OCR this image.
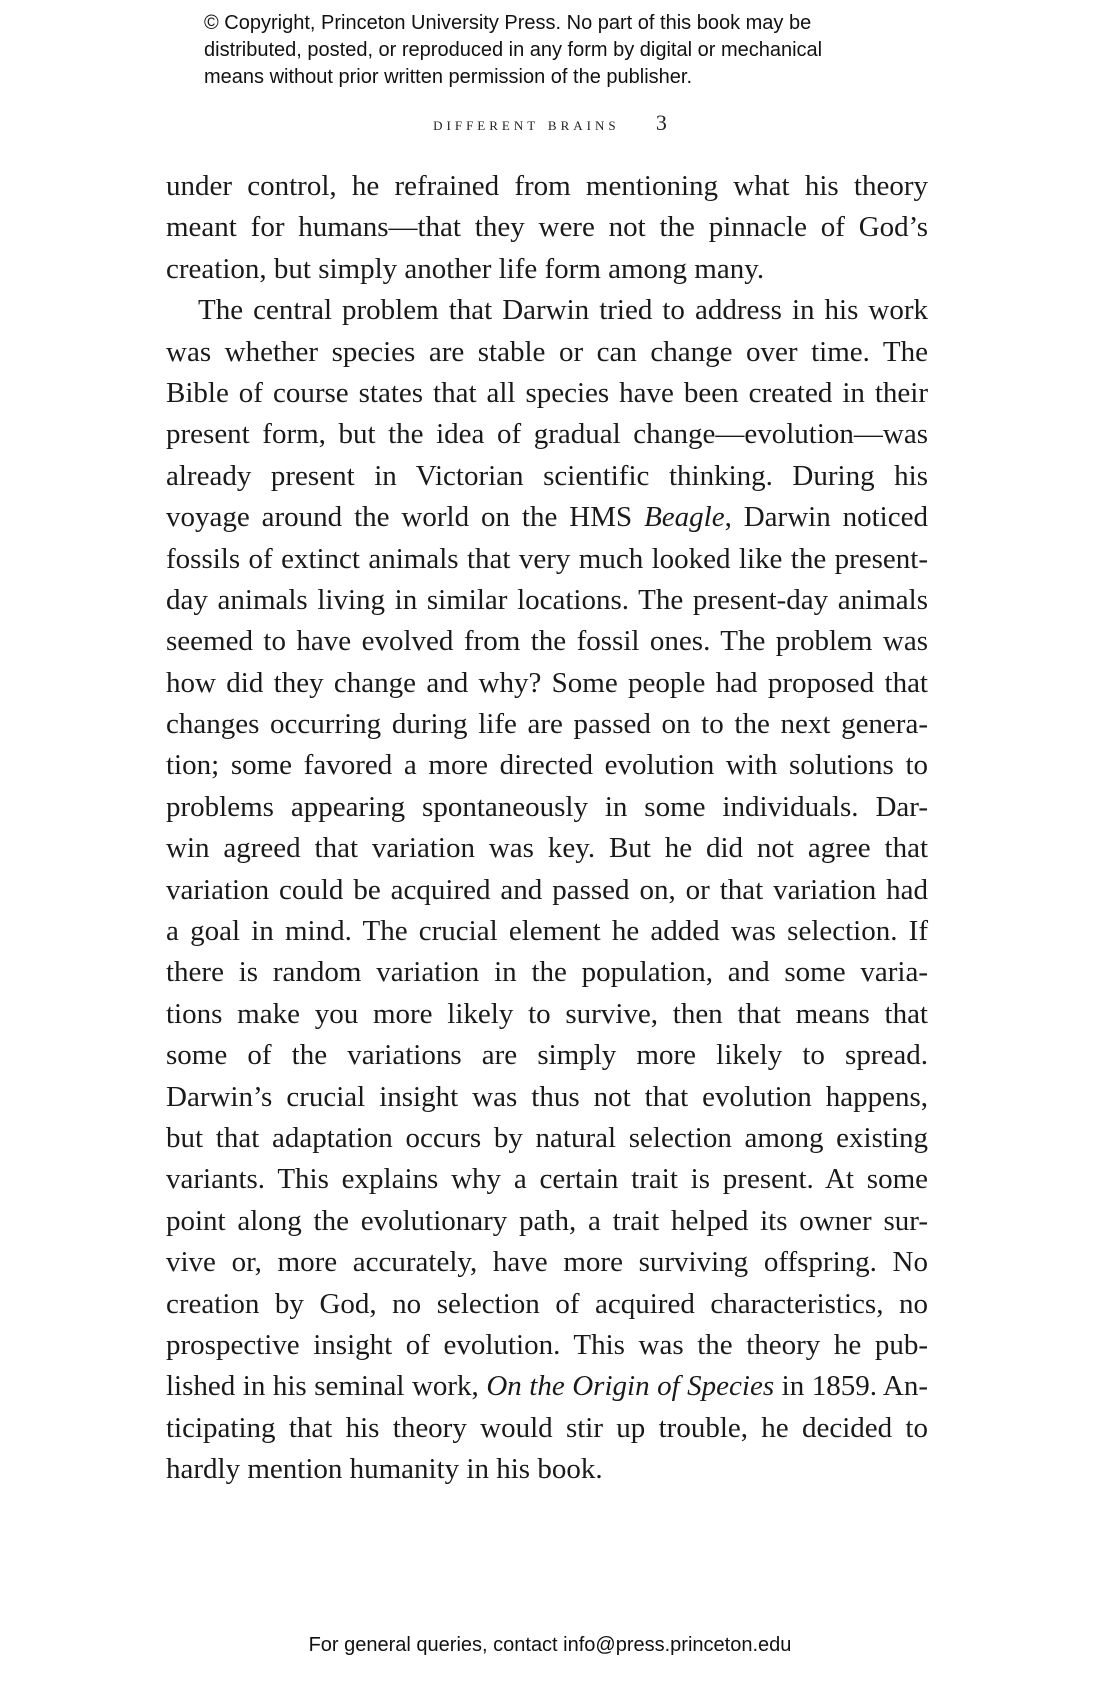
© Copyright, Princeton University Press. No part of this book may be
distributed, posted, or reproduced in any form by digital or mechanical
means without prior written permission of the publisher.
different brains 3
under control, he refrained from mentioning what his theory
meant for humans—that they were not the pinnacle of God’s
creation, but simply another life form among many.
The central problem that Darwin tried to address in his work
was whether species are stable or can change over time. The
Bible of course states that all species have been created in their
present form, but the idea of gradual change—evolution—was
already present in Victorian scientific thinking. During his
voyage around the world on the HMS Beagle, Darwin noticed
fossils of extinct animals that very much looked like the present-
day animals living in similar locations. The present-day animals
seemed to have evolved from the fossil ones. The problem was
how did they change and why? Some people had proposed that
changes occurring during life are passed on to the next genera-
tion; some favored a more directed evolution with solutions to
problems appearing spontaneously in some individuals. Dar-
win agreed that variation was key. But he did not agree that
variation could be acquired and passed on, or that variation had
a goal in mind. The crucial element he added was selection. If
there is random variation in the population, and some varia-
tions make you more likely to survive, then that means that
some of the variations are simply more likely to spread.
Darwin’s crucial insight was thus not that evolution happens,
but that adaptation occurs by natural selection among existing
variants. This explains why a certain trait is present. At some
point along the evolutionary path, a trait helped its owner sur-
vive or, more accurately, have more surviving offspring. No
creation by God, no selection of acquired characteristics, no
prospective insight of evolution. This was the theory he pub-
lished in his seminal work, On the Origin of Species in 1859. An-
ticipating that his theory would stir up trouble, he decided to
hardly mention humanity in his book.
For general queries, contact info@press.princeton.edu
